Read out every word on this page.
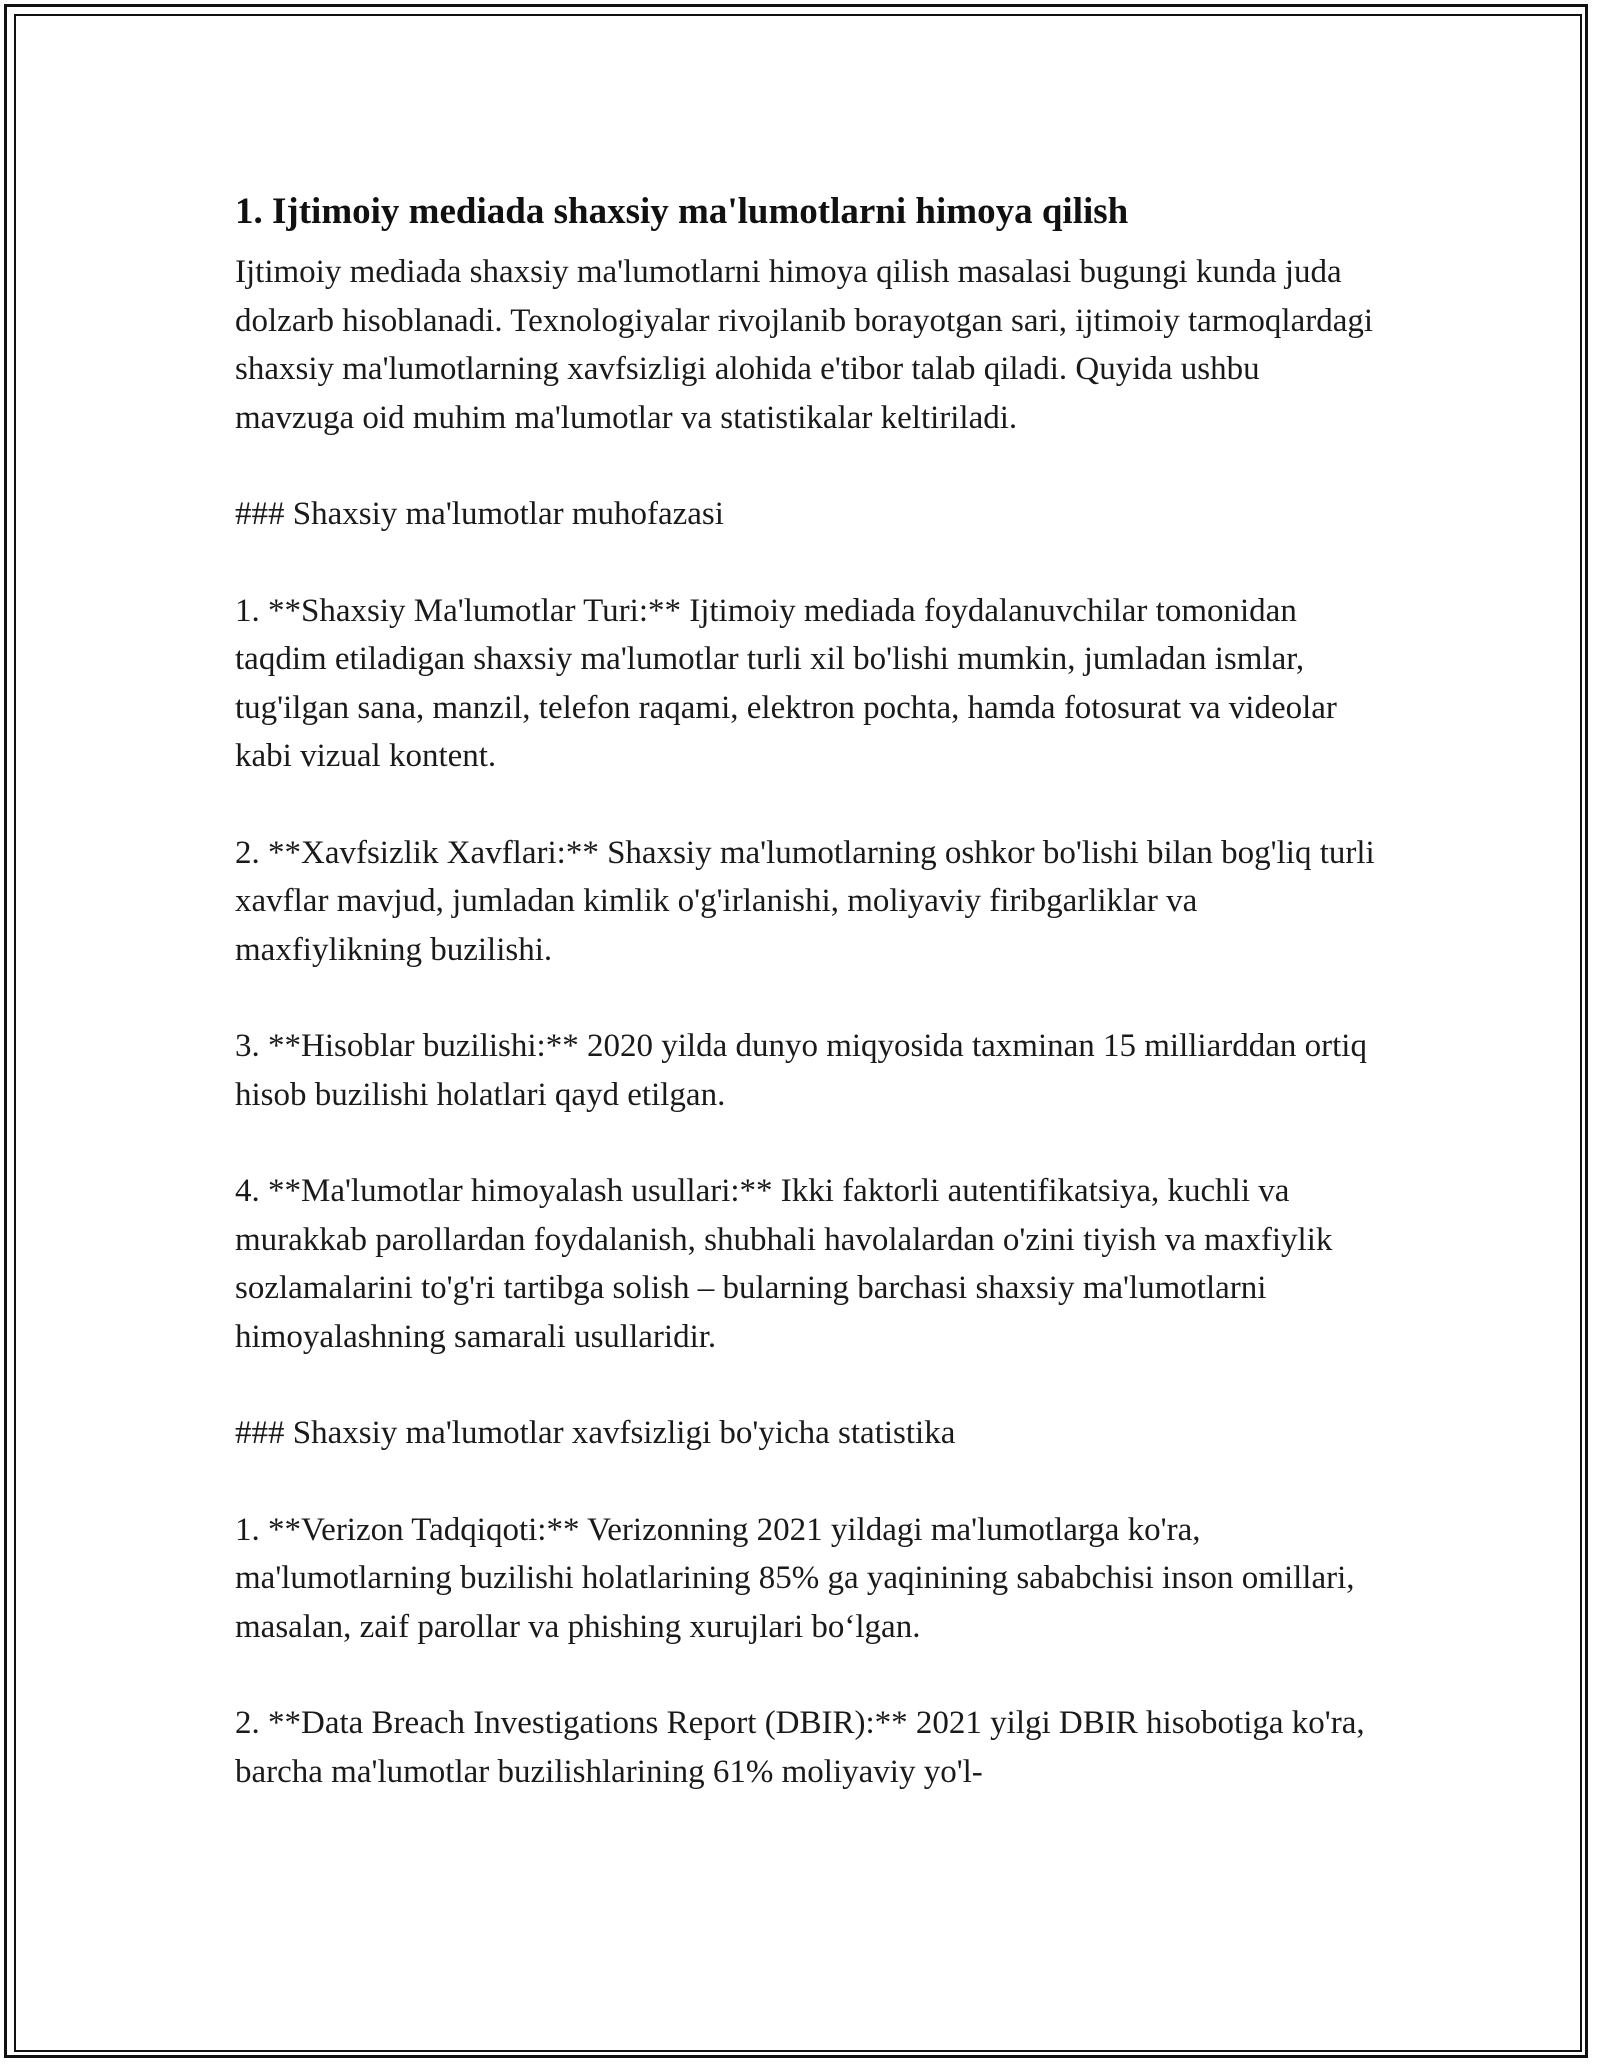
1. Ijtimoiy mediada shaxsiy ma'lumotlarni himoya qilish

Ijtimoiy mediada shaxsiy ma'lumotlarni himoya qilish masalasi bugungi kunda juda dolzarb hisoblanadi. Texnologiyalar rivojlanib borayotgan sari, ijtimoiy tarmoqlardagi shaxsiy ma'lumotlarning xavfsizligi alohida e'tibor talab qiladi. Quyida ushbu mavzuga oid muhim ma'lumotlar va statistikalar keltiriladi.

### Shaxsiy ma'lumotlar muhofazasi

1. **Shaxsiy Ma'lumotlar Turi:** Ijtimoiy mediada foydalanuvchilar tomonidan taqdim etiladigan shaxsiy ma'lumotlar turli xil bo'lishi mumkin, jumladan ismlar, tug'ilgan sana, manzil, telefon raqami, elektron pochta, hamda fotosurat va videolar kabi vizual kontent.

2. **Xavfsizlik Xavflari:** Shaxsiy ma'lumotlarning oshkor bo'lishi bilan bog'liq turli xavflar mavjud, jumladan kimlik o'g'irlanishi, moliyaviy firibgarliklar va maxfiylikning buzilishi.

3. **Hisoblar buzilishi:** 2020 yilda dunyo miqyosida taxminan 15 milliarddan ortiq hisob buzilishi holatlari qayd etilgan.

4. **Ma'lumotlar himoyalash usullari:** Ikki faktorli autentifikatsiya, kuchli va murakkab parollardan foydalanish, shubhali havolalardan o'zini tiyish va maxfiylik sozlamalarini to'g'ri tartibga solish – bularning barchasi shaxsiy ma'lumotlarni himoyalashning samarali usullaridir.

### Shaxsiy ma'lumotlar xavfsizligi bo'yicha statistika

1. **Verizon Tadqiqoti:** Verizonning 2021 yildagi ma'lumotlarga ko'ra, ma'lumotlarning buzilishi holatlarining 85% ga yaqinining sababchisi inson omillari, masalan, zaif parollar va phishing xurujlari bo‘lgan.

2. **Data Breach Investigations Report (DBIR):** 2021 yilgi DBIR hisobotiga ko'ra, barcha ma'lumotlar buzilishlarining 61% moliyaviy yo'l-
